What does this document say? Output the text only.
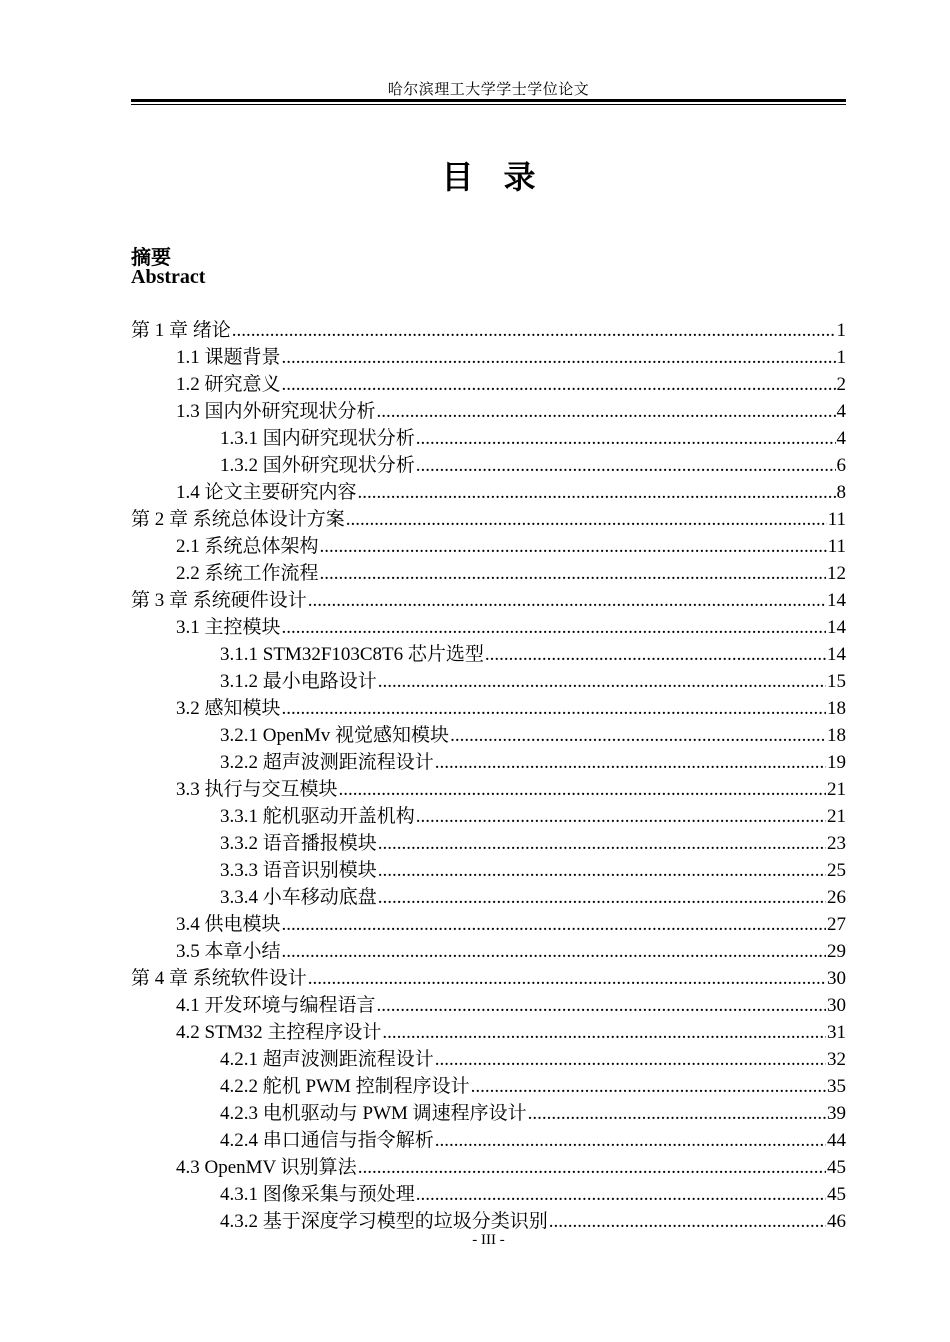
哈尔滨理工大学学士学位论文
目录
摘要
Abstract
第 1 章 绪论 .....	1
1.1 课题背景 .....	1
1.2 研究意义 .....	2
1.3 国内外研究现状分析 .....	4
1.3.1 国内研究现状分析 .....	4
1.3.2 国外研究现状分析 .....	6
1.4 论文主要研究内容 .....	8
第 2 章 系统总体设计方案 .....	11
2.1 系统总体架构 .....	11
2.2 系统工作流程 .....	12
第 3 章 系统硬件设计 .....	14
3.1 主控模块 .....	14
3.1.1 STM32F103C8T6 芯片选型 .....	14
3.1.2 最小电路设计 .....	15
3.2 感知模块 .....	18
3.2.1 OpenMv 视觉感知模块 .....	18
3.2.2 超声波测距流程设计 .....	19
3.3 执行与交互模块 .....	21
3.3.1 舵机驱动开盖机构 .....	21
3.3.2 语音播报模块 .....	23
3.3.3 语音识别模块 .....	25
3.3.4 小车移动底盘 .....	26
3.4 供电模块 .....	27
3.5 本章小结 .....	29
第 4 章 系统软件设计 .....	30
4.1 开发环境与编程语言 .....	30
4.2 STM32 主控程序设计 .....	31
4.2.1 超声波测距流程设计 .....	32
4.2.2 舵机 PWM 控制程序设计 .....	35
4.2.3 电机驱动与 PWM 调速程序设计 .....	39
4.2.4 串口通信与指令解析 .....	44
4.3 OpenMV 识别算法 .....	45
4.3.1 图像采集与预处理 .....	45
4.3.2 基于深度学习模型的垃圾分类识别 .....	46
- III -
